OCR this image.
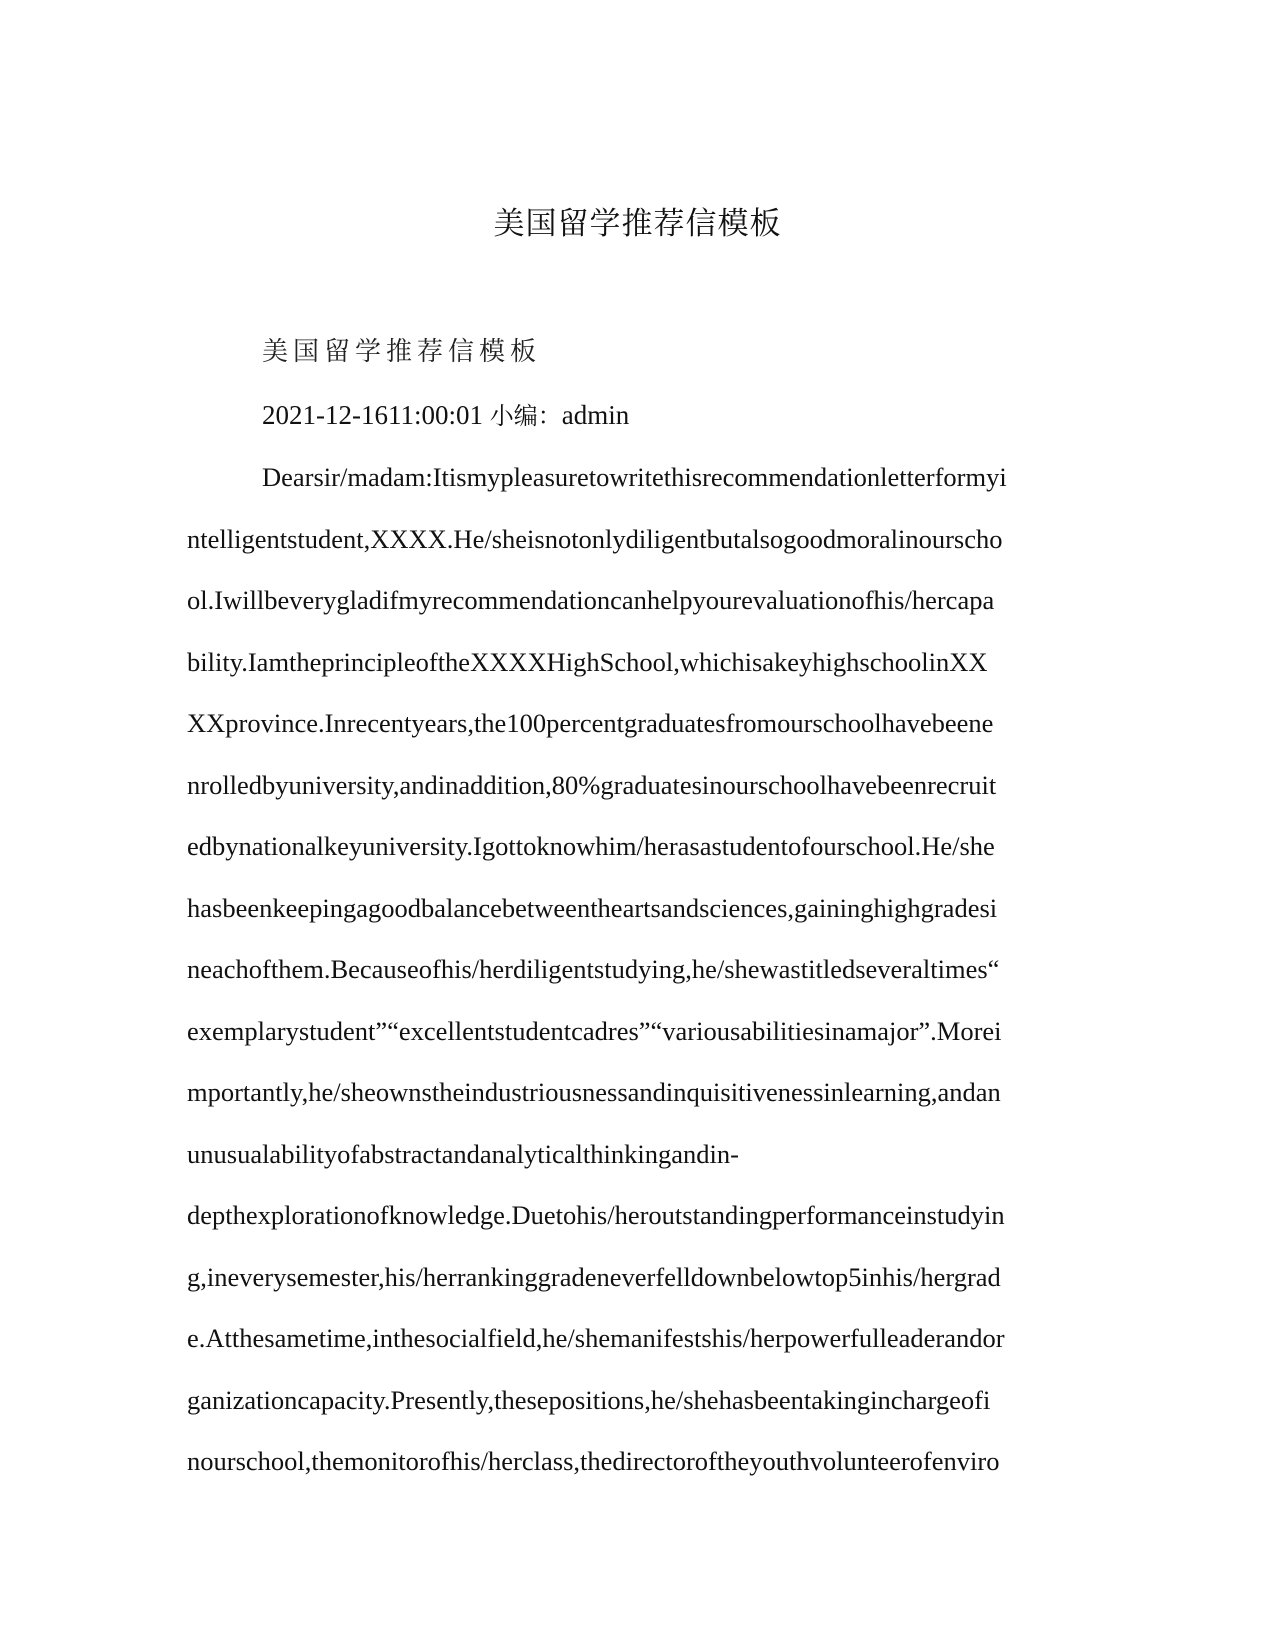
美国留学推荐信模板
美国留学推荐信模板
2021-12-1611:00:01 小编：admin
Dearsir/madam:Itismypleasuretowritethisrecommendationletterformyi
ntelligentstudent,XXXX.He/sheisnotonlydiligentbutalsogoodmoralinourscho
ol.Iwillbeverygladifmyrecommendationcanhelpyourevaluationofhis/hercapa
bility.IamtheprincipleoftheXXXXHighSchool,whichisakeyhighschoolinXX
XXprovince.Inrecentyears,the100percentgraduatesfromourschoolhavebeene
nrolledbyuniversity,andinaddition,80%graduatesinourschoolhavebeenrecruit
edbynationalkeyuniversity.Igottoknowhim/herasastudentofourschool.He/she
hasbeenkeepingagoodbalancebetweentheartsandsciences,gaininghighgradesi
neachofthem.Becauseofhis/herdiligentstudying,he/shewastitledseveraltimes“
exemplarystudent”“excellentstudentcadres”“variousabilitiesinamajor”.Morei
mportantly,he/sheownstheindustriousnessandinquisitivenessinlearning,andan
unusualabilityofabstractandanalyticalthinkingandin-
depthexplorationofknowledge.Duetohis/heroutstandingperformanceinstudyin
g,ineverysemester,his/herrankinggradeneverfelldownbelowtop5inhis/hergrad
e.Atthesametime,inthesocialfield,he/shemanifestshis/herpowerfulleaderandor
ganizationcapacity.Presently,thesepositions,he/shehasbeentakinginchargeofi
nourschool,themonitorofhis/herclass,thedirectoroftheyouthvolunteerofenviro
